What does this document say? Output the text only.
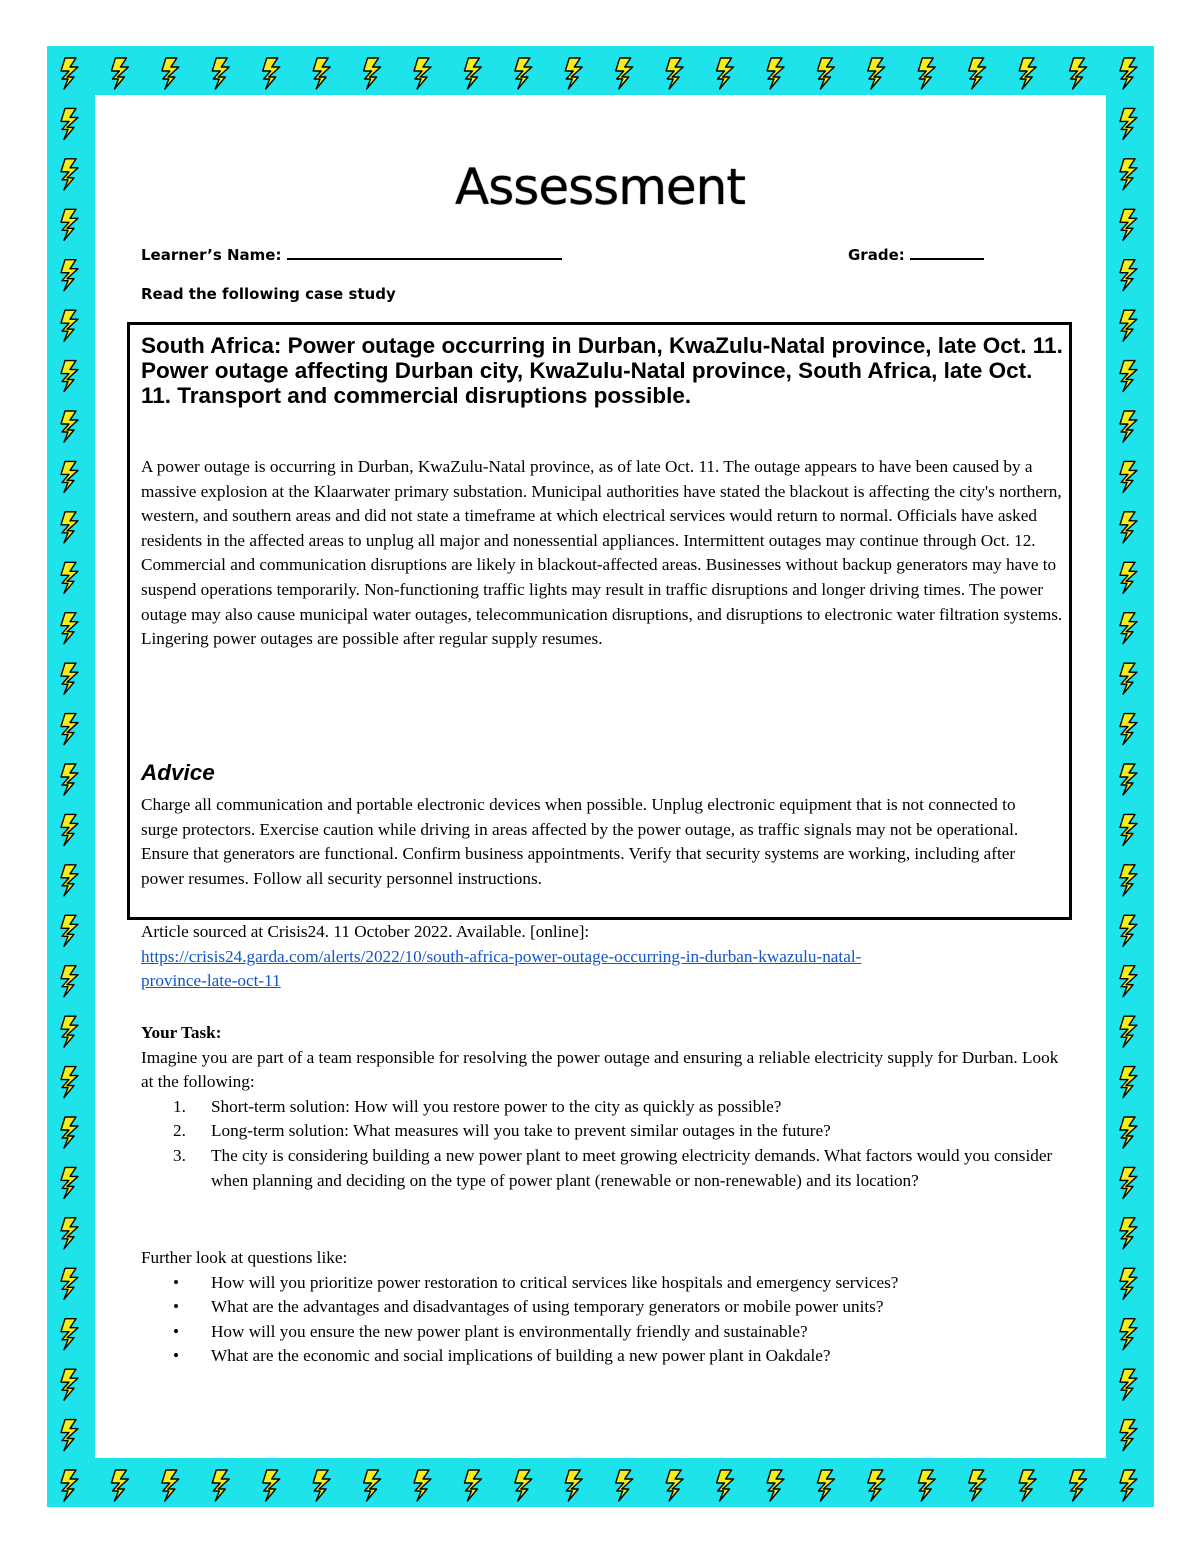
Assessment
Learner’s Name:	Grade:
Read the following case study

South Africa: Power outage occurring in Durban, KwaZulu-Natal province, late Oct. 11. Power outage affecting Durban city, KwaZulu-Natal province, South Africa, late Oct. 11. Transport and commercial disruptions possible.

A power outage is occurring in Durban, KwaZulu-Natal province, as of late Oct. 11. The outage appears to have been caused by a massive explosion at the Klaarwater primary substation. Municipal authorities have stated the blackout is affecting the city's northern, western, and southern areas and did not state a timeframe at which electrical services would return to normal. Officials have asked residents in the affected areas to unplug all major and nonessential appliances. Intermittent outages may continue through Oct. 12.

Commercial and communication disruptions are likely in blackout-affected areas. Businesses without backup generators may have to suspend operations temporarily. Non-functioning traffic lights may result in traffic disruptions and longer driving times. The power outage may also cause municipal water outages, telecommunication disruptions, and disruptions to electronic water filtration systems. Lingering power outages are possible after regular supply resumes.

Advice

Charge all communication and portable electronic devices when possible. Unplug electronic equipment that is not connected to surge protectors. Exercise caution while driving in areas affected by the power outage, as traffic signals may not be operational. Ensure that generators are functional. Confirm business appointments. Verify that security systems are working, including after power resumes. Follow all security personnel instructions.

Article sourced at Crisis24. 11 October 2022. Available. [online]:
https://crisis24.garda.com/alerts/2022/10/south-africa-power-outage-occurring-in-durban-kwazulu-natal-
province-late-oct-11
Your Task:
Imagine you are part of a team responsible for resolving the power outage and ensuring a reliable electricity supply for Durban. Look at the following:
1. Short-term solution: How will you restore power to the city as quickly as possible?
2. Long-term solution: What measures will you take to prevent similar outages in the future?
3. The city is considering building a new power plant to meet growing electricity demands. What factors would you consider when planning and deciding on the type of power plant (renewable or non-renewable) and its location?
Further look at questions like:
• How will you prioritize power restoration to critical services like hospitals and emergency services?
• What are the advantages and disadvantages of using temporary generators or mobile power units?
• How will you ensure the new power plant is environmentally friendly and sustainable?
• What are the economic and social implications of building a new power plant in Oakdale?
